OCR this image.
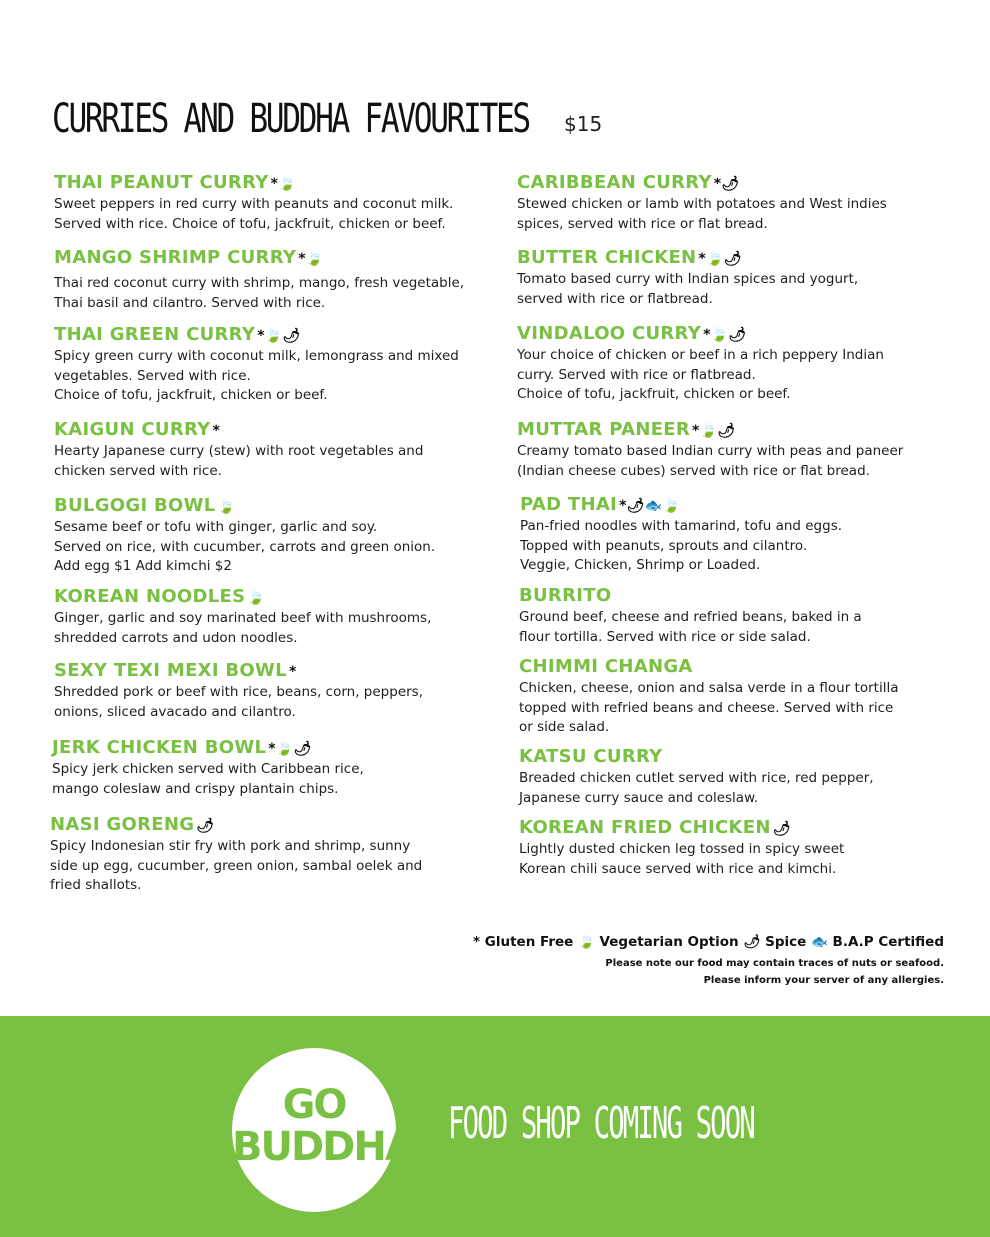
CURRIES AND BUDDHA FAVOURITES $15
THAI PEANUT CURRY *🍃

Sweet peppers in red curry with peanuts and coconut milk.
Served with rice. Choice of tofu, jackfruit, chicken or beef.

MANGO SHRIMP CURRY *🍃

Thai red coconut curry with shrimp, mango, fresh vegetable,
Thai basil and cilantro. Served with rice.

THAI GREEN CURRY *🍃🌶

Spicy green curry with coconut milk, lemongrass and mixed
vegetables. Served with rice.
Choice of tofu, jackfruit, chicken or beef.

KAIGUN CURRY *

Hearty Japanese curry (stew) with root vegetables and
chicken served with rice.

BULGOGI BOWL 🍃

Sesame beef or tofu with ginger, garlic and soy.
Served on rice, with cucumber, carrots and green onion.
Add egg $1 Add kimchi $2

KOREAN NOODLES 🍃

Ginger, garlic and soy marinated beef with mushrooms,
shredded carrots and udon noodles.

SEXY TEXI MEXI BOWL *

Shredded pork or beef with rice, beans, corn, peppers,
onions, sliced avacado and cilantro.

JERK CHICKEN BOWL *🍃🌶

Spicy jerk chicken served with Caribbean rice,
mango coleslaw and crispy plantain chips.

NASI GORENG 🌶

Spicy Indonesian stir fry with pork and shrimp, sunny
side up egg, cucumber, green onion, sambal oelek and
fried shallots.

CARIBBEAN CURRY *🌶

Stewed chicken or lamb with potatoes and West indies
spices, served with rice or flat bread.

BUTTER CHICKEN *🍃🌶

Tomato based curry with Indian spices and yogurt,
served with rice or flatbread.

VINDALOO CURRY *🍃🌶

Your choice of chicken or beef in a rich peppery Indian
curry. Served with rice or flatbread.
Choice of tofu, jackfruit, chicken or beef.

MUTTAR PANEER *🍃🌶

Creamy tomato based Indian curry with peas and paneer
(Indian cheese cubes) served with rice or flat bread.

PAD THAI *🌶🐟🍃

Pan-fried noodles with tamarind, tofu and eggs.
Topped with peanuts, sprouts and cilantro.
Veggie, Chicken, Shrimp or Loaded.

BURRITO

Ground beef, cheese and refried beans, baked in a
flour tortilla. Served with rice or side salad.

CHIMMI CHANGA

Chicken, cheese, onion and salsa verde in a flour tortilla
topped with refried beans and cheese. Served with rice
or side salad.

KATSU CURRY

Breaded chicken cutlet served with rice, red pepper,
Japanese curry sauce and coleslaw.

KOREAN FRIED CHICKEN 🌶

Lightly dusted chicken leg tossed in spicy sweet
Korean chili sauce served with rice and kimchi.

* Gluten Free 🍃 Vegetarian Option 🌶 Spice 🐟 B.A.P Certified
Please note our food may contain traces of nuts or seafood.
Please inform your server of any allergies.
GO
BUDDHA FOOD SHOP COMING SOON
